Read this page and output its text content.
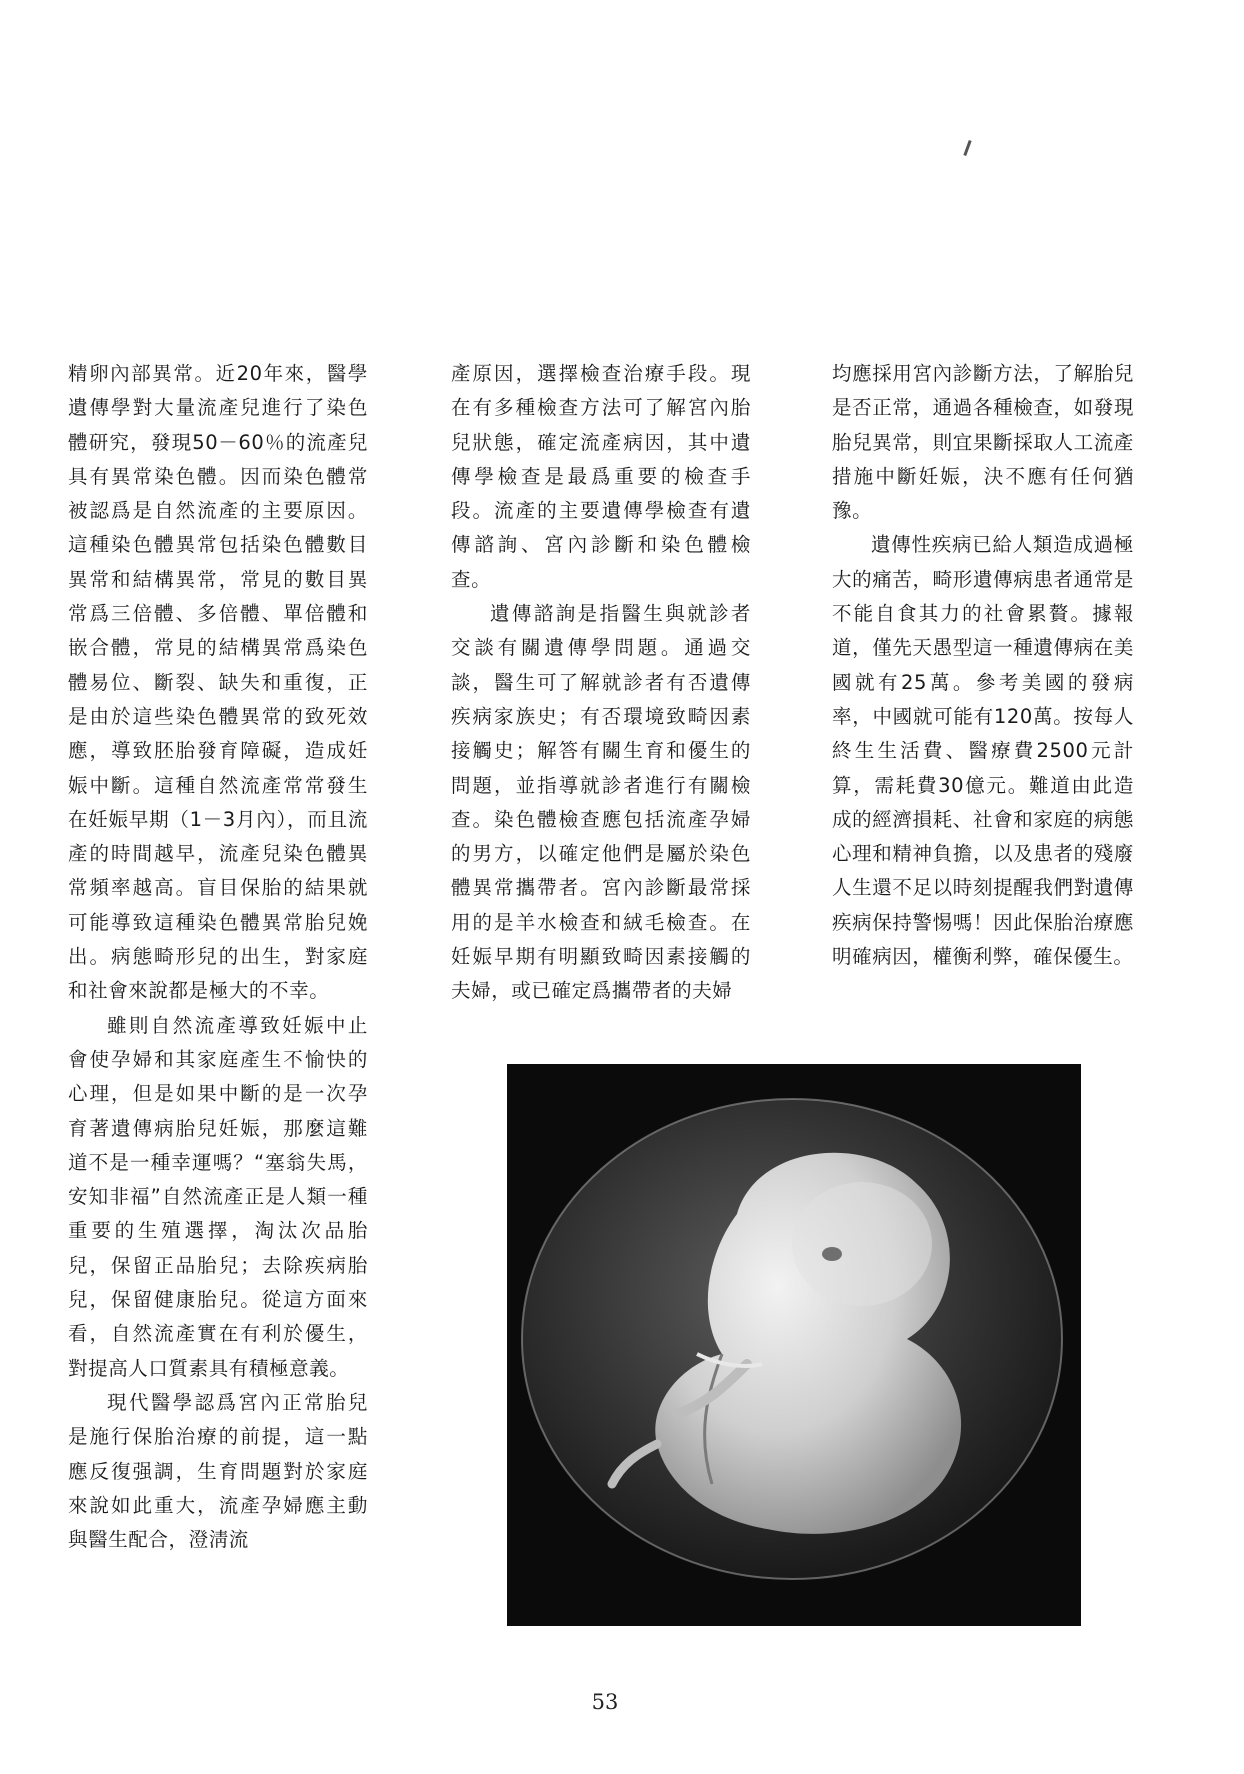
精卵內部異常。近20年來，醫學遺傳學對大量流產兒進行了染色體研究，發現50－60％的流產兒具有異常染色體。因而染色體常被認爲是自然流產的主要原因。這種染色體異常包括染色體數目異常和結構異常，常見的數目異常爲三倍體、多倍體、單倍體和嵌合體，常見的結構異常爲染色體易位、斷裂、缺失和重復，正是由於這些染色體異常的致死效應，導致胚胎發育障礙，造成妊娠中斷。這種自然流產常常發生在妊娠早期（1－3月內），而且流產的時間越早，流產兒染色體異常頻率越高。盲目保胎的結果就可能導致這種染色體異常胎兒娩出。病態畸形兒的出生，對家庭和社會來說都是極大的不幸。

雖則自然流產導致妊娠中止會使孕婦和其家庭產生不愉快的心理，但是如果中斷的是一次孕育著遺傳病胎兒妊娠，那麼這難道不是一種幸運嗎？“塞翁失馬，安知非福”自然流產正是人類一種重要的生殖選擇，淘汰次品胎兒，保留正品胎兒；去除疾病胎兒，保留健康胎兒。從這方面來看，自然流產實在有利於優生，對提高人口質素具有積極意義。

現代醫學認爲宮內正常胎兒是施行保胎治療的前提，這一點應反復强調，生育問題對於家庭來說如此重大，流產孕婦應主動與醫生配合，澄淸流

產原因，選擇檢查治療手段。現在有多種檢查方法可了解宮內胎兒狀態，確定流產病因，其中遺傳學檢查是最爲重要的檢查手段。流產的主要遺傳學檢查有遺傳諮詢、宮內診斷和染色體檢查。

遺傳諮詢是指醫生與就診者交談有關遺傳學問題。通過交談，醫生可了解就診者有否遺傳疾病家族史；有否環境致畸因素接觸史；解答有關生育和優生的問題，並指導就診者進行有關檢查。染色體檢查應包括流產孕婦的男方，以確定他們是屬於染色體異常攜帶者。宮內診斷最常採用的是羊水檢查和絨毛檢查。在妊娠早期有明顯致畸因素接觸的夫婦，或已確定爲攜帶者的夫婦

均應採用宮內診斷方法，了解胎兒是否正常，通過各種檢查，如發現胎兒異常，則宜果斷採取人工流產措施中斷妊娠，決不應有任何猶豫。

遺傳性疾病已給人類造成過極大的痛苦，畸形遺傳病患者通常是不能自食其力的社會累贅。據報道，僅先天愚型這一種遺傳病在美國就有25萬。參考美國的發病率，中國就可能有120萬。按每人終生生活費、醫療費2500元計算，需耗費30億元。難道由此造成的經濟損耗、社會和家庭的病態心理和精神負擔，以及患者的殘廢人生還不足以時刻提醒我們對遺傳疾病保持警惕嗎！因此保胎治療應明確病因，權衡利弊，確保優生。

53
